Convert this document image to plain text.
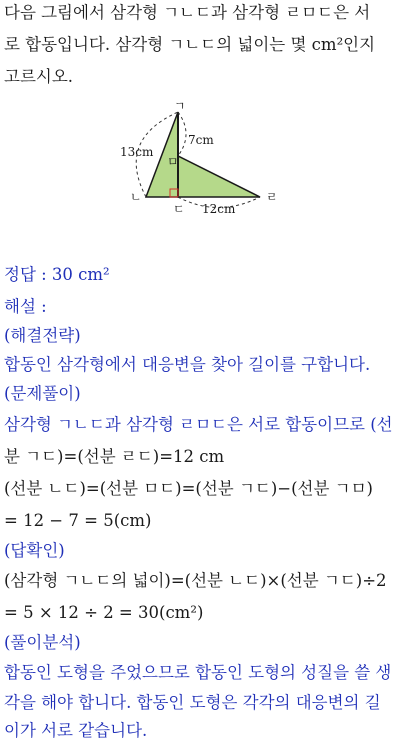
다음 그림에서 삼각형 ㄱㄴㄷ과 삼각형 ㄹㅁㄷ은 서
로 합동입니다. 삼각형 ㄱㄴㄷ의 넓이는 몇 cm²인지
고르시오.
ㄱ
ㄴ
ㄷ
ㄹ
ㅁ
13cm
7cm
12cm
정답 : 30 cm²
해설 :
(해결전략)
합동인 삼각형에서 대응변을 찾아 길이를 구합니다.
(문제풀이)
삼각형 ㄱㄴㄷ과 삼각형 ㄹㅁㄷ은 서로 합동이므로 (선
분 ㄱㄷ)=(선분 ㄹㄷ)=12 cm
(선분 ㄴㄷ)=(선분 ㅁㄷ)=(선분 ㄱㄷ)−(선분 ㄱㅁ)
= 12 − 7 = 5(cm)
(답확인)
(삼각형 ㄱㄴㄷ의 넓이)=(선분 ㄴㄷ)×(선분 ㄱㄷ)÷2
= 5 × 12 ÷ 2 = 30(cm²)
(풀이분석)
합동인 도형을 주었으므로 합동인 도형의 성질을 쓸 생
각을 해야 합니다. 합동인 도형은 각각의 대응변의 길
이가 서로 같습니다.
